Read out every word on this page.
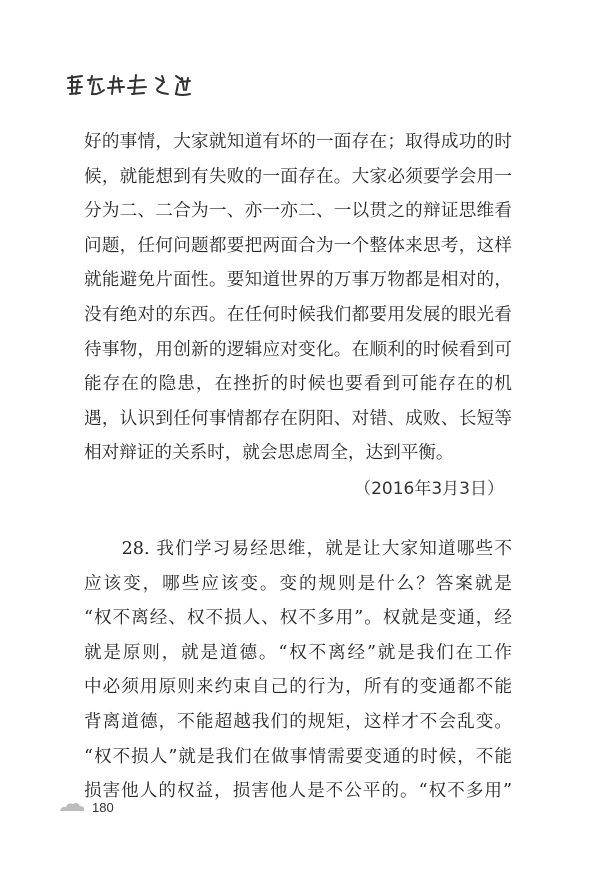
好的事情，大家就知道有坏的一面存在；取得成功的时
候，就能想到有失败的一面存在。大家必须要学会用一
分为二、二合为一、亦一亦二、一以贯之的辩证思维看
问题，任何问题都要把两面合为一个整体来思考，这样
就能避免片面性。要知道世界的万事万物都是相对的，
没有绝对的东西。在任何时候我们都要用发展的眼光看
待事物，用创新的逻辑应对变化。在顺利的时候看到可
能存在的隐患，在挫折的时候也要看到可能存在的机
遇，认识到任何事情都存在阴阳、对错、成败、长短等
相对辩证的关系时，就会思虑周全，达到平衡。

（2016年3月3日）

　　28. 我们学习易经思维，就是让大家知道哪些不
应该变，哪些应该变。变的规则是什么？答案就是
“权不离经、权不损人、权不多用”。权就是变通，经
就是原则，就是道德。“权不离经”就是我们在工作
中必须用原则来约束自己的行为，所有的变通都不能
背离道德，不能超越我们的规矩，这样才不会乱变。
“权不损人”就是我们在做事情需要变通的时候，不能
损害他人的权益，损害他人是不公平的。“权不多用”

180
